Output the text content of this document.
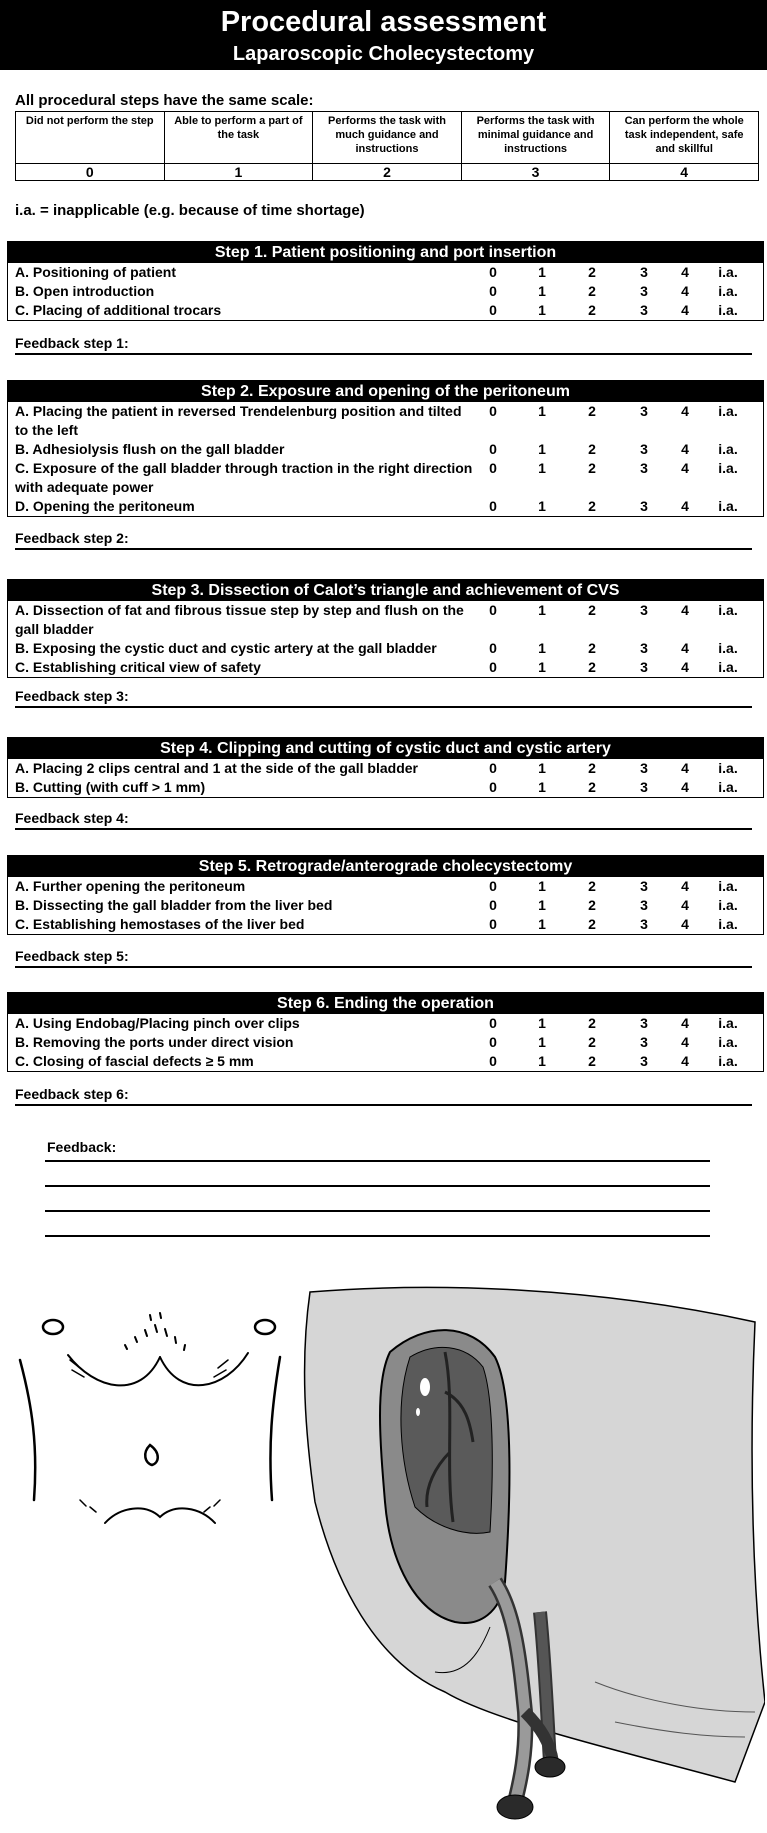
Procedural assessment
Laparoscopic Cholecystectomy
All procedural steps have the same scale:
Did not perform the step	Able to perform a part of the task	Performs the task with much guidance and instructions	Performs the task with minimal guidance and instructions	Can perform the whole task independent, safe and skillful
0	1	2	3	4
i.a. = inapplicable (e.g. because of time shortage)
Step 1. Patient positioning and port insertion
A. Positioning of patient	0	1	2	3	4	i.a.
B. Open introduction	0	1	2	3	4	i.a.
C. Placing of additional trocars	0	1	2	3	4	i.a.
Feedback step 1:
Step 2. Exposure and opening of the peritoneum
A. Placing the patient in reversed Trendelenburg position and tilted to the left
0	1	2	3	4	i.a.
B. Adhesiolysis flush on the gall bladder	0	1	2	3	4	i.a.
C. Exposure of the gall bladder through traction in the right direction with adequate power
0	1	2	3	4	i.a.
D. Opening the peritoneum	0	1	2	3	4	i.a.
Feedback step 2:
Step 3. Dissection of Calot’s triangle and achievement of CVS
A. Dissection of fat and fibrous tissue step by step and flush on the gall bladder
0	1	2	3	4	i.a.
B. Exposing the cystic duct and cystic artery at the gall bladder	0	1	2	3	4	i.a.
C. Establishing critical view of safety	0	1	2	3	4	i.a.
Feedback step 3:
Step 4. Clipping and cutting of cystic duct and cystic artery
A. Placing 2 clips central and 1 at the side of the gall bladder	0	1	2	3	4	i.a.
B. Cutting (with cuff > 1 mm)	0	1	2	3	4	i.a.
Feedback step 4:
Step 5. Retrograde/anterograde cholecystectomy
A. Further opening the peritoneum	0	1	2	3	4	i.a.
B. Dissecting the gall bladder from the liver bed	0	1	2	3	4	i.a.
C. Establishing hemostases of the liver bed	0	1	2	3	4	i.a.
Feedback step 5:
Step 6. Ending the operation
A. Using Endobag/Placing pinch over clips	0	1	2	3	4	i.a.
B. Removing the ports under direct vision	0	1	2	3	4	i.a.
C. Closing of fascial defects ≥ 5 mm	0	1	2	3	4	i.a.
Feedback step 6:
Feedback:
